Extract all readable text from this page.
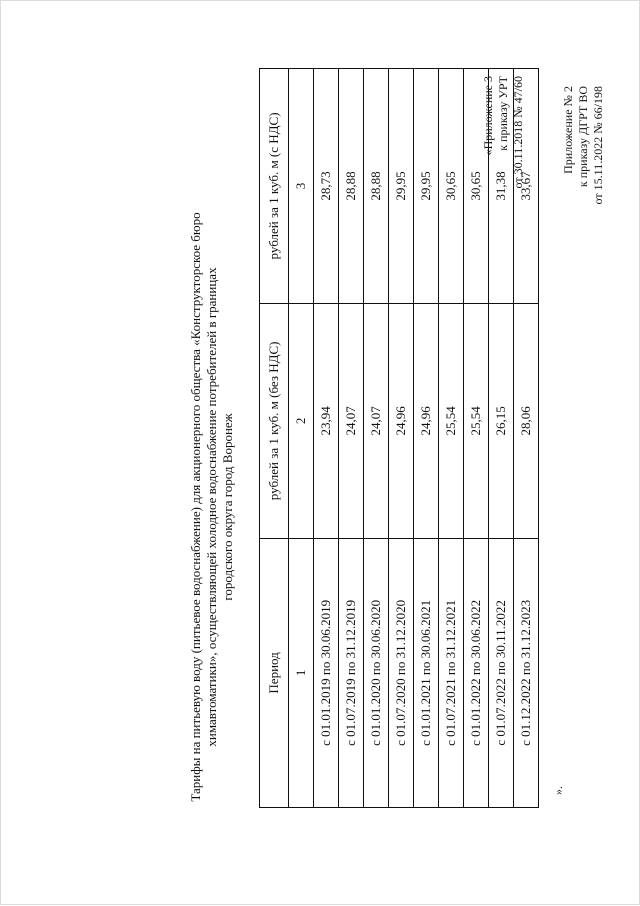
Приложение № 2 к приказу ДГРТ ВО от 15.11.2022 № 66/198
«Приложение 3 к приказу УРТ от 30.11.2018 № 47/60
Тарифы на питьевую воду (питьевое водоснабжение) для акционерного общества «Конструкторское бюро химавтоматики», осуществляющей холодное водоснабжение потребителей в границах городского округа город Воронеж
Период	рублей за 1 куб. м (без НДС)	рублей за 1 куб. м (с НДС)
1	2	3
с 01.01.2019 по 30.06.2019	23,94	28,73
с 01.07.2019 по 31.12.2019	24,07	28,88
с 01.01.2020 по 30.06.2020	24,07	28,88
с 01.07.2020 по 31.12.2020	24,96	29,95
с 01.01.2021 по 30.06.2021	24,96	29,95
с 01.07.2021 по 31.12.2021	25,54	30,65
с 01.01.2022 по 30.06.2022	25,54	30,65
с 01.07.2022 по 30.11.2022	26,15	31,38
с 01.12.2022 по 31.12.2023	28,06	33,67
».
